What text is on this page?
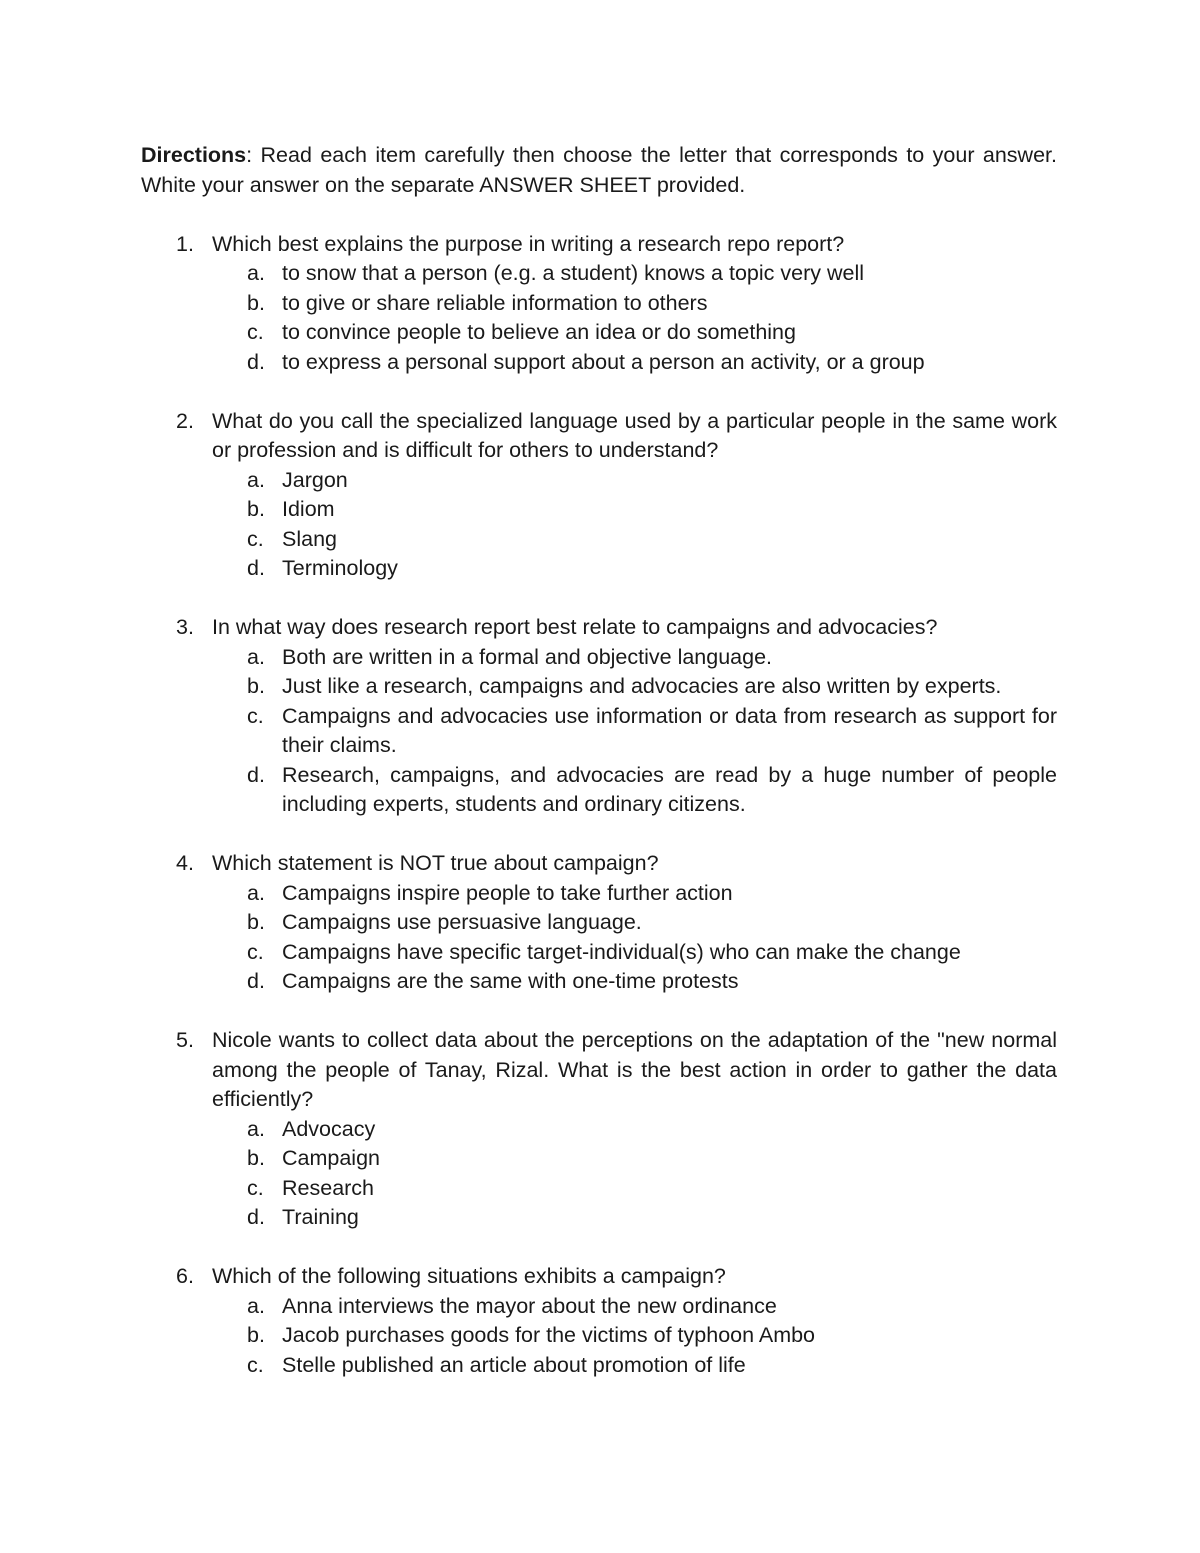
Directions: Read each item carefully then choose the letter that corresponds to your answer. White your answer on the separate ANSWER SHEET provided.

1. Which best explains the purpose in writing a research repo report?
a. to snow that a person (e.g. a student) knows a topic very well
b. to give or share reliable information to others
c. to convince people to believe an idea or do something
d. to express a personal support about a person an activity, or a group
2. What do you call the specialized language used by a particular people in the same work or profession and is difficult for others to understand?
a. Jargon
b. Idiom
c. Slang
d. Terminology
3. In what way does research report best relate to campaigns and advocacies?
a. Both are written in a formal and objective language.
b. Just like a research, campaigns and advocacies are also written by experts.
c. Campaigns and advocacies use information or data from research as support for their claims.
d. Research, campaigns, and advocacies are read by a huge number of people including experts, students and ordinary citizens.
4. Which statement is NOT true about campaign?
a. Campaigns inspire people to take further action
b. Campaigns use persuasive language.
c. Campaigns have specific target-individual(s) who can make the change
d. Campaigns are the same with one-time protests
5. Nicole wants to collect data about the perceptions on the adaptation of the "new normal among the people of Tanay, Rizal. What is the best action in order to gather the data efficiently?
a. Advocacy
b. Campaign
c. Research
d. Training
6. Which of the following situations exhibits a campaign?
a. Anna interviews the mayor about the new ordinance
b. Jacob purchases goods for the victims of typhoon Ambo
c. Stelle published an article about promotion of life
